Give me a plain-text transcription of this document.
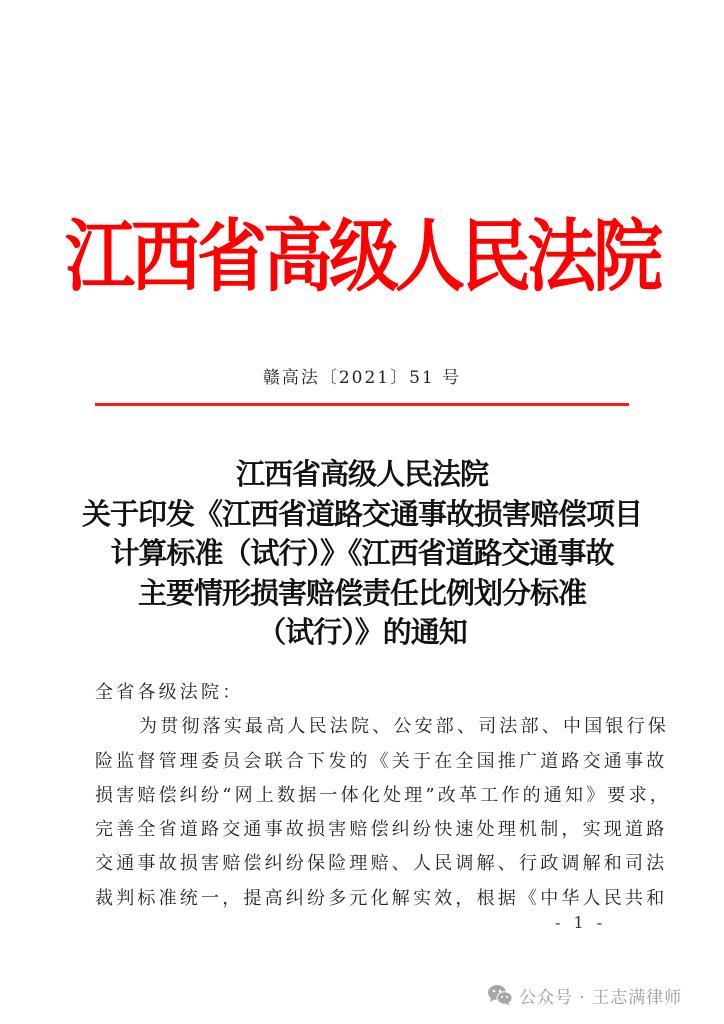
江西省高级人民法院
赣高法〔2021〕51 号
江西省高级人民法院
关于印发《江西省道路交通事故损害赔偿项目
计算标准（试行）》《江西省道路交通事故
主要情形损害赔偿责任比例划分标准
（试行）》的通知

全省各级法院：

为贯彻落实最高人民法院、公安部、司法部、中国银行保

险监督管理委员会联合下发的《关于在全国推广道路交通事故

损害赔偿纠纷“网上数据一体化处理”改革工作的通知》要求，

完善全省道路交通事故损害赔偿纠纷快速处理机制，实现道路

交通事故损害赔偿纠纷保险理赔、人民调解、行政调解和司法

裁判标准统一，提高纠纷多元化解实效，根据《中华人民共和

- 1 -
公众号 · 王志满律师
